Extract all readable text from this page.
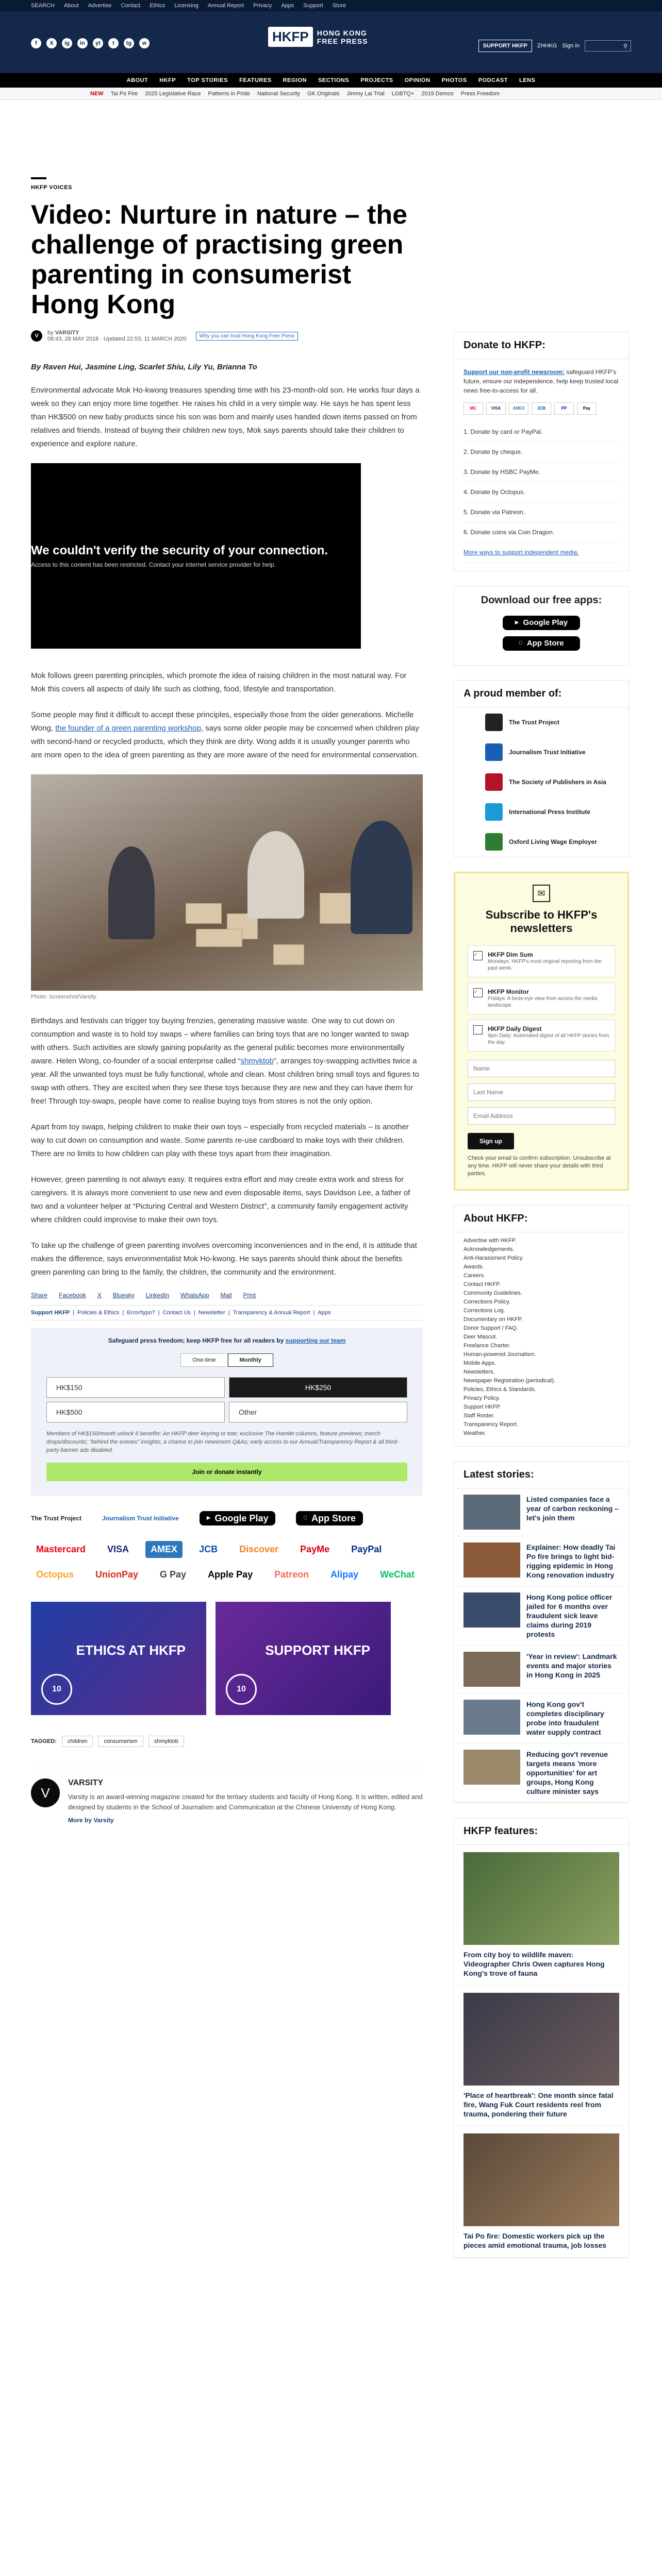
SEARCH About Advertise Contact Ethics Licensing Annual Report Privacy Apps Support Store
f	X	ig	in	yt	t	tg	w	HKFP	HONG KONG
FREE PRESS
SUPPORT HKFP	ZHHKG Sign in	⚲
ABOUT HKFP TOP STORIES FEATURES REGION SECTIONS PROJECTS OPINION PHOTOS PODCAST LENS
NEW Tai Po Fire 2025 Legislative Race Patterns in Pride National Security GK Originals Jimmy Lai Trial LGBTQ+ 2019 Demos Press Freedom
HKFP VOICES
Video: Nurture in nature – the challenge of practising green parenting in consumerist Hong Kong
V	by VARSITY
08:43, 28 MAY 2018 · Updated 22:53, 11 MARCH 2020	Why you can trust Hong Kong Free Press
By Raven Hui, Jasmine Ling, Scarlet Shiu, Lily Yu, Brianna To

Environmental advocate Mok Ho-kwong treasures spending time with his 23-month-old son. He works four days a week so they can enjoy more time together. He raises his child in a very simple way. He says he has spent less than HK$500 on new baby products since his son was born and mainly uses handed down items passed on from relatives and friends. Instead of buying their children new toys, Mok says parents should take their children to experience and explore nature.

We couldn't verify the security of your connection.
Access to this content has been restricted. Contact your internet service provider for help.

Mok follows green parenting principles, which promote the idea of raising children in the most natural way. For Mok this covers all aspects of daily life such as clothing, food, lifestyle and transportation.

Some people may find it difficult to accept these principles, especially those from the older generations. Michelle Wong, the founder of a green parenting workshop, says some older people may be concerned when children play with second-hand or recycled products, which they think are dirty. Wong adds it is usually younger parents who are more open to the idea of green parenting as they are more aware of the need for environmental conservation.

Photo: Screenshot/Varsity.

Birthdays and festivals can trigger toy buying frenzies, generating massive waste. One way to cut down on consumption and waste is to hold toy swaps – where families can bring toys that are no longer wanted to swap with others. Such activities are slowly gaining popularity as the general public becomes more environmentally aware. Helen Wong, co-founder of a social enterprise called “shmyktob”, arranges toy-swapping activities twice a year. All the unwanted toys must be fully functional, whole and clean. Most children bring small toys and figures to swap with others. They are excited when they see these toys because they are new and they can have them for free! Through toy-swaps, people have come to realise buying toys from stores is not the only option.

Apart from toy swaps, helping children to make their own toys – especially from recycled materials – is another way to cut down on consumption and waste. Some parents re-use cardboard to make toys with their children. There are no limits to how children can play with these toys apart from their imagination.

However, green parenting is not always easy. It requires extra effort and may create extra work and stress for caregivers. It is always more convenient to use new and even disposable items, says Davidson Lee, a father of two and a volunteer helper at “Picturing Central and Western District”, a community family engagement activity where children could improvise to make their own toys.

To take up the challenge of green parenting involves overcoming inconveniences and in the end, it is attitude that makes the difference, says environmentalist Mok Ho-kwong. He says parents should think about the benefits green parenting can bring to the family, the children, the community and the environment.

Share Facebook X Bluesky LinkedIn WhatsApp Mail Print
Support HKFP | Policies & Ethics | Error/typo? | Contact Us | Newsletter | Transparency & Annual Report | Apps
Safeguard press freedom; keep HKFP free for all readers by supporting our team
One-time	Monthly
HK$150	HK$250
HK$500	Other
Members of HK$150/month unlock 6 benefits: An HKFP deer keyring or tote; exclusive The Hamlet columns, feature previews; merch drops/discounts; "behind the scenes" insights; a chance to join newsroom Q&As; early access to our Annual/Transparency Report & all third-party banner ads disabled.
Join or donate instantly
The Trust Project	Journalism Trust Initiative	▶ Google Play	App Store
Mastercard	VISA	AMEX	JCB	Discover	PayMe	PayPal
Octopus	UnionPay	G Pay	Apple Pay	Patreon	Alipay	WeChat
ETHICS AT HKFP
10
SUPPORT HKFP
10
TAGGED:	children	consumerism	shmyktob
V
VARSITY
Varsity is an award-winning magazine created for the tertiary students and faculty of Hong Kong. It is written, edited and designed by students in the School of Journalism and Communication at the Chinese University of Hong Kong.
More by Varsity
Donate to HKFP:
Support our non-profit newsroom: safeguard HKFP's future, ensure our independence, help keep trusted local news free-to-access for all.
MC	VISA	AMEX	JCB	PP	Pay
1. Donate by card or PayPal.
2. Donate by cheque.
3. Donate by HSBC PayMe.
4. Donate by Octopus.
5. Donate via Patreon.
6. Donate coins via Coin Dragon.
More ways to support independent media.
Download our free apps:
▶ Google Play
App Store
A proud member of:
The Trust Project
Journalism Trust Initiative
The Society of Publishers in Asia
International Press Institute
Oxford Living Wage Employer
✉
Subscribe to HKFP's newsletters
✓	HKFP Dim Sum
Mondays: HKFP's most original reporting from the past week.
✓	HKFP Monitor
Fridays: A birds-eye view from across the media landscape.
HKFP Daily Digest
9pm Daily: Automated digest of all HKFP stories from the day.
Name Last Name Email Address
Sign up
Check your email to confirm subscription. Unsubscribe at any time. HKFP will never share your details with third parties.
About HKFP:
Advertise with HKFP.
Acknowledgements.
Anti-Harassment Policy.
Awards.
Careers.
Contact HKFP.
Community Guidelines.
Corrections Policy.
Corrections Log.
Documentary on HKFP.
Donor Support / FAQ.
Deer Mascot.
Freelance Charter.
Human-powered Journalism.
Mobile Apps.
Newsletters.
Newspaper Registration (periodical).
Policies, Ethics & Standards.
Privacy Policy.
Support HKFP.
Staff Roster.
Transparency Report.
Weather.
Latest stories:
Listed companies face a year of carbon reckoning – let's join them
Explainer: How deadly Tai Po fire brings to light bid-rigging epidemic in Hong Kong renovation industry
Hong Kong police officer jailed for 6 months over fraudulent sick leave claims during 2019 protests
'Year in review': Landmark events and major stories in Hong Kong in 2025
Hong Kong gov't completes disciplinary probe into fraudulent water supply contract
Reducing gov't revenue targets means 'more opportunities' for art groups, Hong Kong culture minister says
HKFP features:
From city boy to wildlife maven: Videographer Chris Owen captures Hong Kong's trove of fauna
'Place of heartbreak': One month since fatal fire, Wang Fuk Court residents reel from trauma, pondering their future
Tai Po fire: Domestic workers pick up the pieces amid emotional trauma, job losses
